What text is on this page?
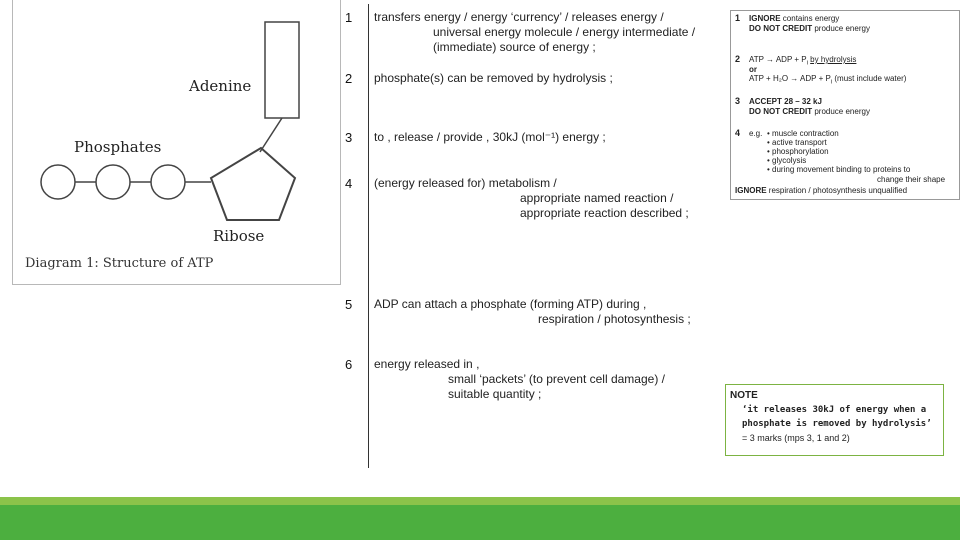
Adenine
Phosphates
Ribose
Diagram 1: Structure of ATP
1 transfers energy / energy ‘currency’ / releases energy /
universal energy molecule / energy intermediate /
(immediate) source of energy ;
2 phosphate(s) can be removed by hydrolysis ;
3 to , release / provide , 30kJ (mol⁻¹) energy ;
4 (energy released for) metabolism /
appropriate named reaction /
appropriate reaction described ;
5 ADP can attach a phosphate (forming ATP) during ,
respiration / photosynthesis ;
6 energy released in ,
small ‘packets’ (to prevent cell damage) /
suitable quantity ;
1 IGNORE contains energy
DO NOT CREDIT produce energy
2 ATP → ADP + $P_i$ by hydrolysis
or
ATP + H₂O → ADP + $P_i$ (must include water)
3 ACCEPT 28 – 32 kJ
DO NOT CREDIT produce energy
4 e.g. • muscle contraction
• active transport
• phosphorylation
• glycolysis
• during movement binding to proteins to
change their shape
IGNORE respiration / photosynthesis unqualified
NOTE
‘it releases 30kJ of energy when a
phosphate is removed by hydrolysis’
= 3 marks (mps 3, 1 and 2)
